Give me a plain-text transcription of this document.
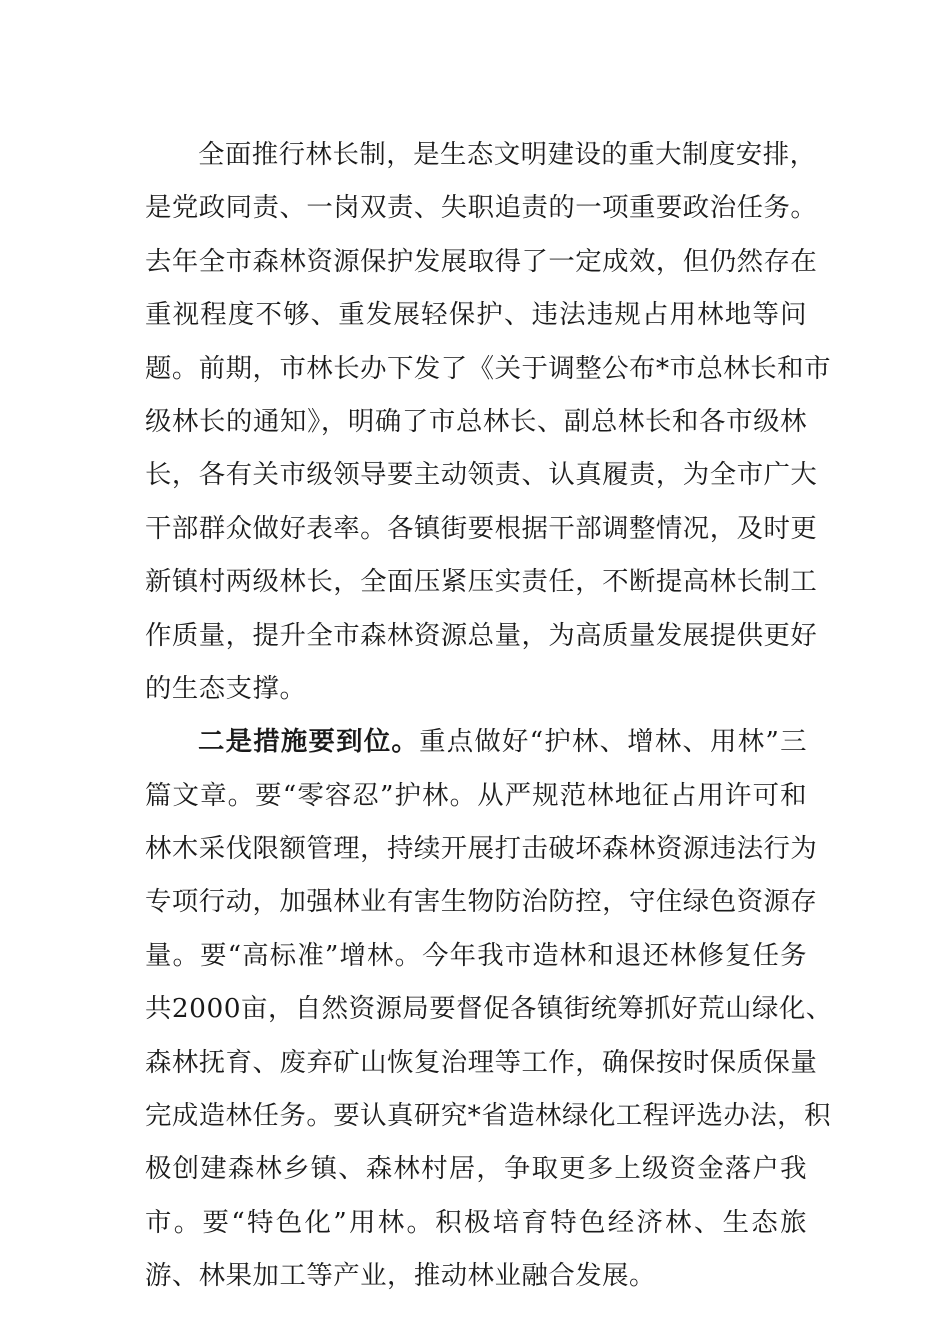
全面推行林长制，是生态文明建设的重大制度安排，
是党政同责、一岗双责、失职追责的一项重要政治任务。
去年全市森林资源保护发展取得了一定成效，但仍然存在
重视程度不够、重发展轻保护、违法违规占用林地等问
题。前期，市林长办下发了《关于调整公布*市总林长和市
级林长的通知》，明确了市总林长、副总林长和各市级林
长，各有关市级领导要主动领责、认真履责，为全市广大
干部群众做好表率。各镇街要根据干部调整情况，及时更
新镇村两级林长，全面压紧压实责任，不断提高林长制工
作质量，提升全市森林资源总量，为高质量发展提供更好
的生态支撑。
二是措施要到位。重点做好“护林、增林、用林”三
篇文章。要“零容忍”护林。从严规范林地征占用许可和
林木采伐限额管理，持续开展打击破坏森林资源违法行为
专项行动，加强林业有害生物防治防控，守住绿色资源存
量。要“高标准”增林。今年我市造林和退还林修复任务
共2000亩，自然资源局要督促各镇街统筹抓好荒山绿化、
森林抚育、废弃矿山恢复治理等工作，确保按时保质保量
完成造林任务。要认真研究*省造林绿化工程评选办法，积
极创建森林乡镇、森林村居，争取更多上级资金落户我
市。要“特色化”用林。积极培育特色经济林、生态旅
游、林果加工等产业，推动林业融合发展。
